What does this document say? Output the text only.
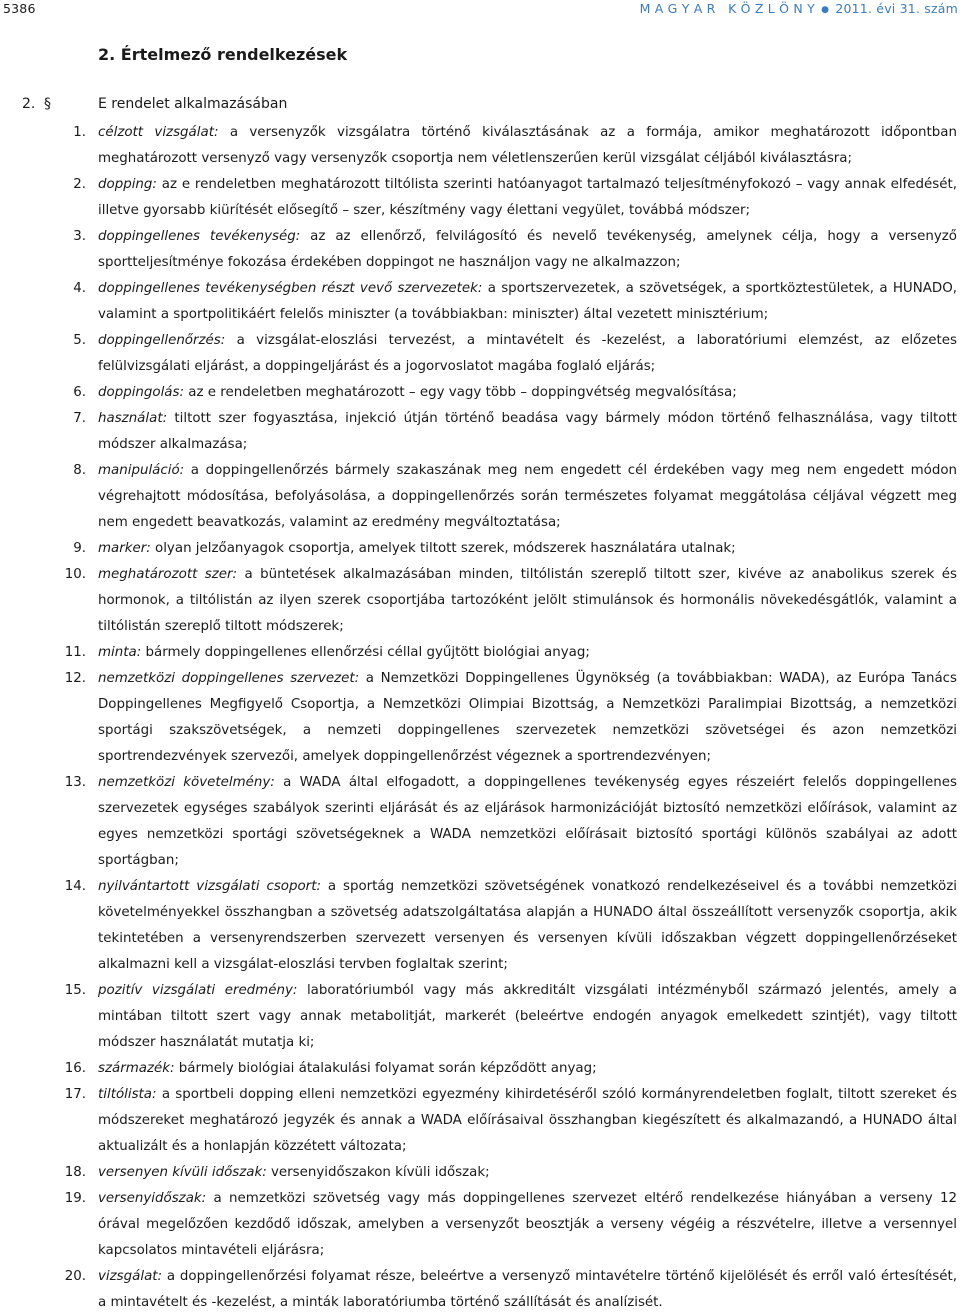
5386	M A G Y A R   K Ö Z L Ö N Y ● 2011. évi 31. szám
2. Értelmező rendelkezések
2. §	E rendelet alkalmazásában
1. célzott vizsgálat: a versenyzők vizsgálatra történő kiválasztásának az a formája, amikor meghatározott időpontban meghatározott versenyző vagy versenyzők csoportja nem véletlenszerűen kerül vizsgálat céljából kiválasztásra;
2. dopping: az e rendeletben meghatározott tiltólista szerinti hatóanyagot tartalmazó teljesítményfokozó – vagy annak elfedését, illetve gyorsabb kiürítését elősegítő – szer, készítmény vagy élettani vegyület, továbbá módszer;
3. doppingellenes tevékenység: az az ellenőrző, felvilágosító és nevelő tevékenység, amelynek célja, hogy a versenyző sportteljesítménye fokozása érdekében doppingot ne használjon vagy ne alkalmazzon;
4. doppingellenes tevékenységben részt vevő szervezetek: a sportszervezetek, a szövetségek, a sportköztestületek, a HUNADO, valamint a sportpolitikáért felelős miniszter (a továbbiakban: miniszter) által vezetett minisztérium;
5. doppingellenőrzés: a vizsgálat-eloszlási tervezést, a mintavételt és -kezelést, a laboratóriumi elemzést, az előzetes felülvizsgálati eljárást, a doppingeljárást és a jogorvoslatot magába foglaló eljárás;
6. doppingolás: az e rendeletben meghatározott – egy vagy több – doppingvétség megvalósítása;
7. használat: tiltott szer fogyasztása, injekció útján történő beadása vagy bármely módon történő felhasználása, vagy tiltott módszer alkalmazása;
8. manipuláció: a doppingellenőrzés bármely szakaszának meg nem engedett cél érdekében vagy meg nem engedett módon végrehajtott módosítása, befolyásolása, a doppingellenőrzés során természetes folyamat meggátolása céljával végzett meg nem engedett beavatkozás, valamint az eredmény megváltoztatása;
9. marker: olyan jelzőanyagok csoportja, amelyek tiltott szerek, módszerek használatára utalnak;
10. meghatározott szer: a büntetések alkalmazásában minden, tiltólistán szereplő tiltott szer, kivéve az anabolikus szerek és hormonok, a tiltólistán az ilyen szerek csoportjába tartozóként jelölt stimulánsok és hormonális növekedésgátlók, valamint a tiltólistán szereplő tiltott módszerek;
11. minta: bármely doppingellenes ellenőrzési céllal gyűjtött biológiai anyag;
12. nemzetközi doppingellenes szervezet: a Nemzetközi Doppingellenes Ügynökség (a továbbiakban: WADA), az Európa Tanács Doppingellenes Megfigyelő Csoportja, a Nemzetközi Olimpiai Bizottság, a Nemzetközi Paralimpiai Bizottság, a nemzetközi sportági szakszövetségek, a nemzeti doppingellenes szervezetek nemzetközi szövetségei és azon nemzetközi sportrendezvények szervezői, amelyek doppingellenőrzést végeznek a sportrendezvényen;
13. nemzetközi követelmény: a WADA által elfogadott, a doppingellenes tevékenység egyes részeiért felelős doppingellenes szervezetek egységes szabályok szerinti eljárását és az eljárások harmonizációját biztosító nemzetközi előírások, valamint az egyes nemzetközi sportági szövetségeknek a WADA nemzetközi előírásait biztosító sportági különös szabályai az adott sportágban;
14. nyilvántartott vizsgálati csoport: a sportág nemzetközi szövetségének vonatkozó rendelkezéseivel és a további nemzetközi követelményekkel összhangban a szövetség adatszolgáltatása alapján a HUNADO által összeállított versenyzők csoportja, akik tekintetében a versenyrendszerben szervezett versenyen és versenyen kívüli időszakban végzett doppingellenőrzéseket alkalmazni kell a vizsgálat-eloszlási tervben foglaltak szerint;
15. pozitív vizsgálati eredmény: laboratóriumból vagy más akkreditált vizsgálati intézményből származó jelentés, amely a mintában tiltott szert vagy annak metabolitját, markerét (beleértve endogén anyagok emelkedett szintjét), vagy tiltott módszer használatát mutatja ki;
16. származék: bármely biológiai átalakulási folyamat során képződött anyag;
17. tiltólista: a sportbeli dopping elleni nemzetközi egyezmény kihirdetéséről szóló kormányrendeletben foglalt, tiltott szereket és módszereket meghatározó jegyzék és annak a WADA előírásaival összhangban kiegészített és alkalmazandó, a HUNADO által aktualizált és a honlapján közzétett változata;
18. versenyen kívüli időszak: versenyidőszakon kívüli időszak;
19. versenyidőszak: a nemzetközi szövetség vagy más doppingellenes szervezet eltérő rendelkezése hiányában a verseny 12 órával megelőzően kezdődő időszak, amelyben a versenyzőt beosztják a verseny végéig a részvételre, illetve a versennyel kapcsolatos mintavételi eljárásra;
20. vizsgálat: a doppingellenőrzési folyamat része, beleértve a versenyző mintavételre történő kijelölését és erről való értesítését, a mintavételt és -kezelést, a minták laboratóriumba történő szállítását és analízisét.
